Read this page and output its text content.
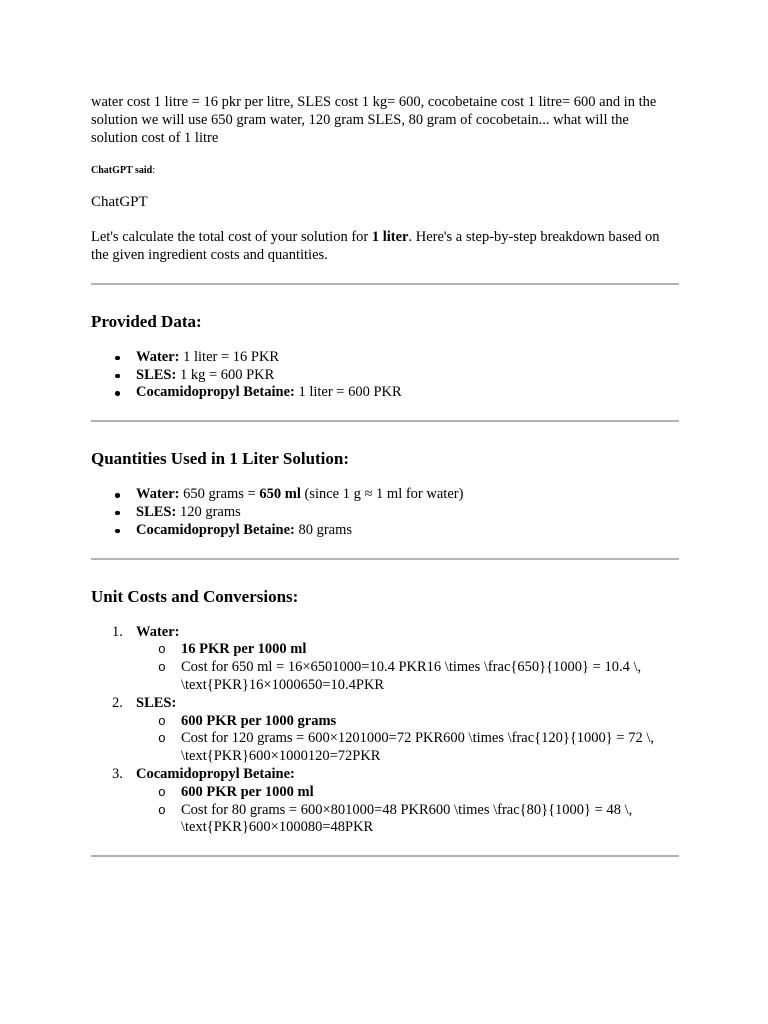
water cost 1 litre = 16 pkr per litre, SLES cost 1 kg= 600, cocobetaine cost 1 litre= 600 and in the solution we will use 650 gram water, 120 gram SLES, 80 gram of cocobetain... what will the solution cost of 1 litre

ChatGPT said:

ChatGPT

Let's calculate the total cost of your solution for 1 liter. Here's a step-by-step breakdown based on the given ingredient costs and quantities.

Provided Data:
Water: 1 liter = 16 PKR
SLES: 1 kg = 600 PKR
Cocamidopropyl Betaine: 1 liter = 600 PKR
Quantities Used in 1 Liter Solution:
Water: 650 grams = 650 ml (since 1 g ≈ 1 ml for water)
SLES: 120 grams
Cocamidopropyl Betaine: 80 grams
Unit Costs and Conversions:
1. Water:
o 16 PKR per 1000 ml
o Cost for 650 ml = 16×6501000=10.4 PKR16 \times \frac{650}{1000} = 10.4 \, \text{PKR}16×1000650=10.4PKR
2. SLES:
o 600 PKR per 1000 grams
o Cost for 120 grams = 600×1201000=72 PKR600 \times \frac{120}{1000} = 72 \, \text{PKR}600×1000120=72PKR
3. Cocamidopropyl Betaine:
o 600 PKR per 1000 ml
o Cost for 80 grams = 600×801000=48 PKR600 \times \frac{80}{1000} = 48 \, \text{PKR}600×100080=48PKR
